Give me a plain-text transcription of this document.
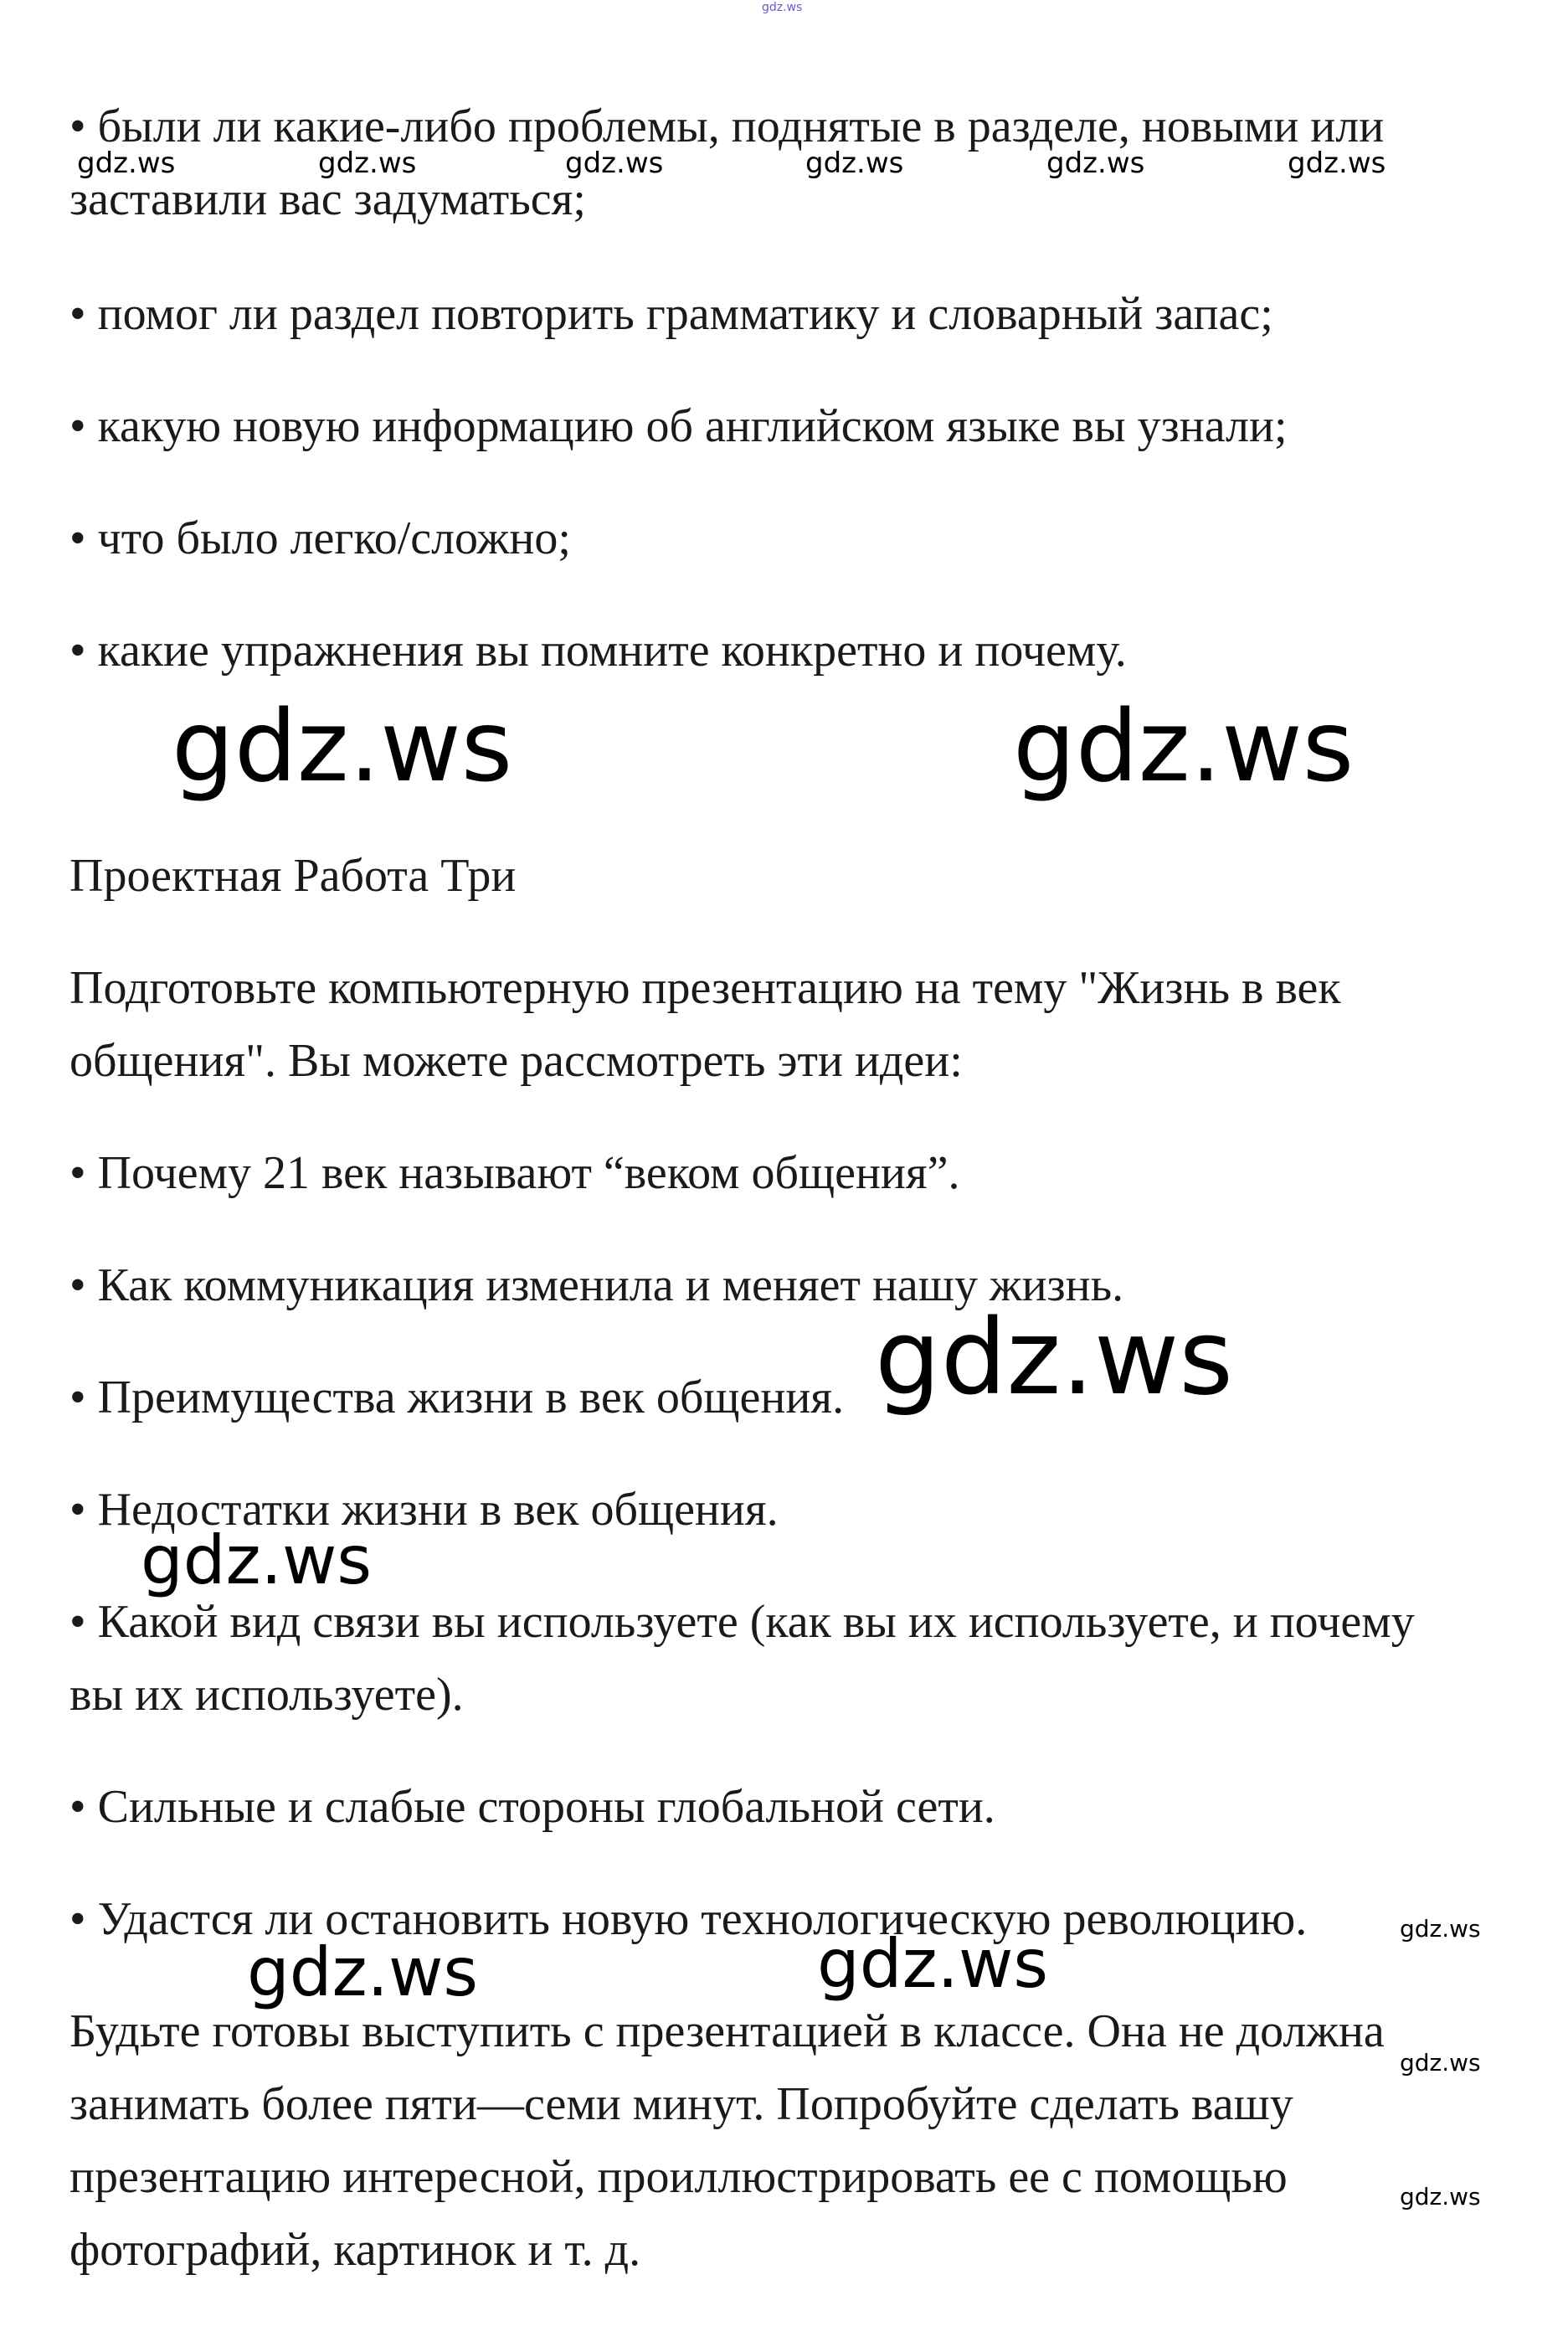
gdz.ws

• были ли какие-либо проблемы, поднятые в разделе, новыми или

заставили вас задуматься;

gdz.ws	gdz.ws	gdz.ws	gdz.ws	gdz.ws	gdz.ws

• помог ли раздел повторить грамматику и словарный запас;

• какую новую информацию об английском языке вы узнали;

• что было легко/сложно;

• какие упражнения вы помните конкретно и почему.

gdz.ws	gdz.ws

Проектная Работа Три

Подготовьте компьютерную презентацию на тему "Жизнь в век

общения". Вы можете рассмотреть эти идеи:

• Почему 21 век называют “веком общения”.

• Как коммуникация изменила и меняет нашу жизнь.

• Преимущества жизни в век общения. gdz.ws

• Недостатки жизни в век общения.

gdz.ws

• Какой вид связи вы используете (как вы их используете, и почему

вы их используете).

• Сильные и слабые стороны глобальной сети.

• Удастся ли остановить новую технологическую революцию.	gdz.ws
gdz.ws	gdz.ws

Будьте готовы выступить с презентацией в классе. Она не должна

gdz.ws

занимать более пяти—семи минут. Попробуйте сделать вашу

презентацию интересной, проиллюстрировать ее с помощью	gdz.ws

фотографий, картинок и т. д.
